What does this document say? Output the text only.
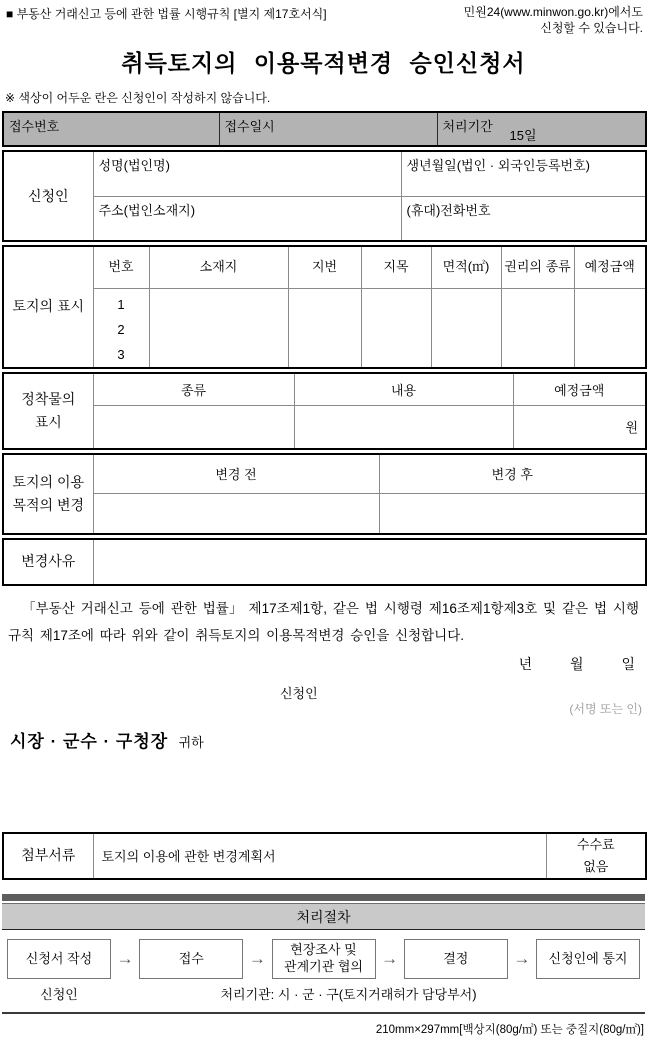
■ 부동산 거래신고 등에 관한 법률 시행규칙 [별지 제17호서식]	민원24(www.minwon.go.kr)에서도
신청할 수 있습니다.
취득토지의 이용목적변경 승인신청서
※ 색상이 어두운 란은 신청인이 작성하지 않습니다.
접수번호	접수일시	처리기간
15일
신청인	성명(법인명)	생년월일(법인 · 외국인등록번호)
	주소(법인소재지)	(휴대)전화번호
토지의 표시	번호	소재지	지번	지목	면적(㎡)	권리의 종류	예정금액

	1
2
3						

정착물의
표시	종류	내용	예정금액
			원
토지의 이용
목적의 변경	변경 전	변경 후

변경사유	

「부동산 거래신고 등에 관한 법률」 제17조제1항, 같은 법 시행령 제16조제1항제3호 및 같은 법 시행규칙 제17조에 따라 위와 같이 취득토지의 이용목적변경 승인을 신청합니다.

년	월	일
신청인
(서명 또는 인)
시장 · 군수 · 구청장 귀하
첨부서류	토지의 이용에 관한 변경계획서	
수수료
없음
처리절차
신청서 작성 →	접수	→ 현장조사 및
관계기관 협의 →	결정	→ 신청인에 통지
신청인	처리기관: 시 · 군 · 구(토지거래허가 담당부서)
210mm×297mm[백상지(80g/㎡) 또는 중질지(80g/㎡)]
